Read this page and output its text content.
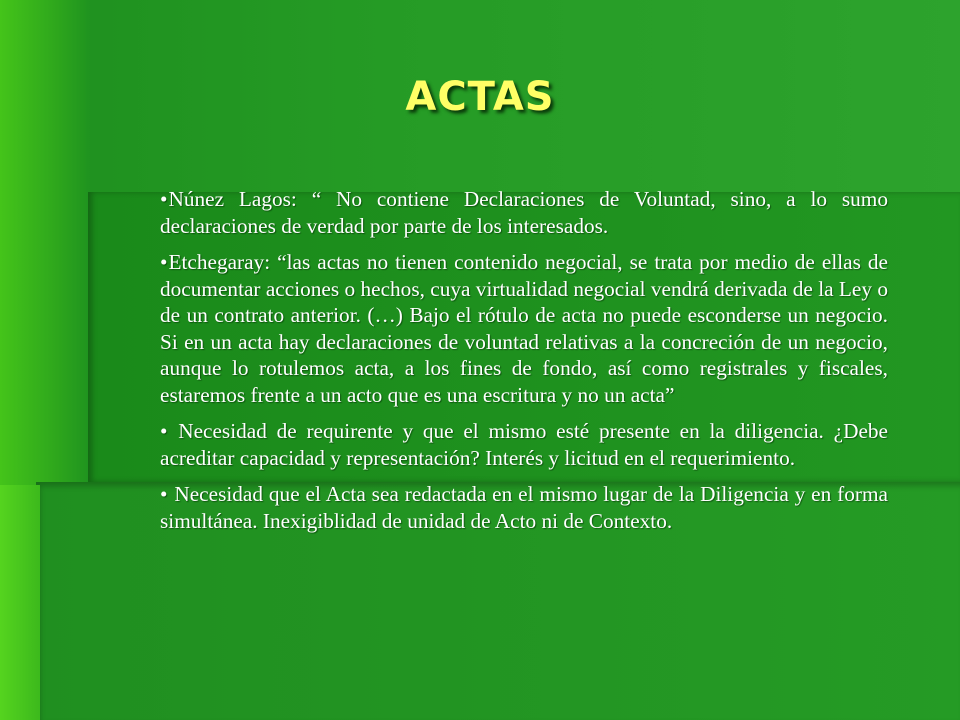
ACTAS

•Núnez Lagos: “ No contiene Declaraciones de Voluntad, sino, a lo sumo declaraciones de verdad por parte de los interesados.

•Etchegaray: “las actas no tienen contenido negocial, se trata por medio de ellas de documentar acciones o hechos, cuya virtualidad negocial vendrá derivada de la Ley o de un contrato anterior. (…) Bajo el rótulo de acta no puede esconderse un negocio. Si en un acta hay declaraciones de voluntad relativas a la concreción de un negocio, aunque lo rotulemos acta, a los fines de fondo, así como registrales y fiscales, estaremos frente a un acto que es una escritura y no un acta”

• Necesidad de requirente y que el mismo esté presente en la diligencia. ¿Debe acreditar capacidad y representación? Interés y licitud en el requerimiento.

• Necesidad que el Acta sea redactada en el mismo lugar de la Diligencia y en forma simultánea. Inexigiblidad de unidad de Acto ni de Contexto.
